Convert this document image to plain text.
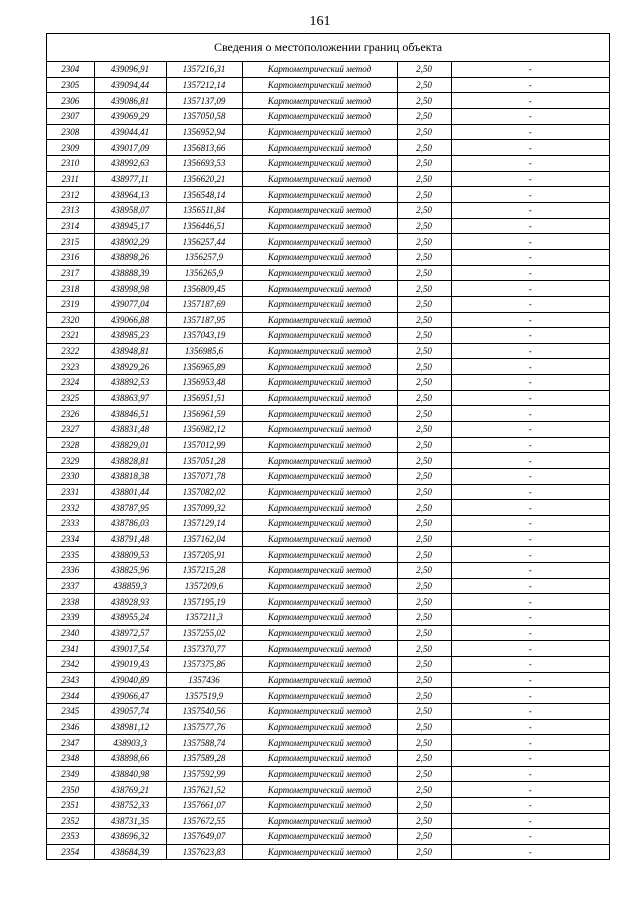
161
Сведения о местоположении границ объекта
2304	439096,91	1357216,31	Картометрический метод	2,50	-
2305	439094,44	1357212,14	Картометрический метод	2,50	-
2306	439086,81	1357137,09	Картометрический метод	2,50	-
2307	439069,29	1357050,58	Картометрический метод	2,50	-
2308	439044,41	1356952,94	Картометрический метод	2,50	-
2309	439017,09	1356813,66	Картометрический метод	2,50	-
2310	438992,63	1356693,53	Картометрический метод	2,50	-
2311	438977,11	1356620,21	Картометрический метод	2,50	-
2312	438964,13	1356548,14	Картометрический метод	2,50	-
2313	438958,07	1356511,84	Картометрический метод	2,50	-
2314	438945,17	1356446,51	Картометрический метод	2,50	-
2315	438902,29	1356257,44	Картометрический метод	2,50	-
2316	438898,26	1356257,9	Картометрический метод	2,50	-
2317	438888,39	1356265,9	Картометрический метод	2,50	-
2318	438998,98	1356809,45	Картометрический метод	2,50	-
2319	439077,04	1357187,69	Картометрический метод	2,50	-
2320	439066,88	1357187,95	Картометрический метод	2,50	-
2321	438985,23	1357043,19	Картометрический метод	2,50	-
2322	438948,81	1356985,6	Картометрический метод	2,50	-
2323	438929,26	1356965,89	Картометрический метод	2,50	-
2324	438892,53	1356953,48	Картометрический метод	2,50	-
2325	438863,97	1356951,51	Картометрический метод	2,50	-
2326	438846,51	1356961,59	Картометрический метод	2,50	-
2327	438831,48	1356982,12	Картометрический метод	2,50	-
2328	438829,01	1357012,99	Картометрический метод	2,50	-
2329	438828,81	1357051,28	Картометрический метод	2,50	-
2330	438818,38	1357071,78	Картометрический метод	2,50	-
2331	438801,44	1357082,02	Картометрический метод	2,50	-
2332	438787,95	1357099,32	Картометрический метод	2,50	-
2333	438786,03	1357129,14	Картометрический метод	2,50	-
2334	438791,48	1357162,04	Картометрический метод	2,50	-
2335	438809,53	1357205,91	Картометрический метод	2,50	-
2336	438825,96	1357215,28	Картометрический метод	2,50	-
2337	438859,3	1357209,6	Картометрический метод	2,50	-
2338	438928,93	1357195,19	Картометрический метод	2,50	-
2339	438955,24	1357211,3	Картометрический метод	2,50	-
2340	438972,57	1357255,02	Картометрический метод	2,50	-
2341	439017,54	1357370,77	Картометрический метод	2,50	-
2342	439019,43	1357375,86	Картометрический метод	2,50	-
2343	439040,89	1357436	Картометрический метод	2,50	-
2344	439066,47	1357519,9	Картометрический метод	2,50	-
2345	439057,74	1357540,56	Картометрический метод	2,50	-
2346	438981,12	1357577,76	Картометрический метод	2,50	-
2347	438903,3	1357588,74	Картометрический метод	2,50	-
2348	438898,66	1357589,28	Картометрический метод	2,50	-
2349	438840,98	1357592,99	Картометрический метод	2,50	-
2350	438769,21	1357621,52	Картометрический метод	2,50	-
2351	438752,33	1357661,07	Картометрический метод	2,50	-
2352	438731,35	1357672,55	Картометрический метод	2,50	-
2353	438696,32	1357649,07	Картометрический метод	2,50	-
2354	438684,39	1357623,83	Картометрический метод	2,50	-
